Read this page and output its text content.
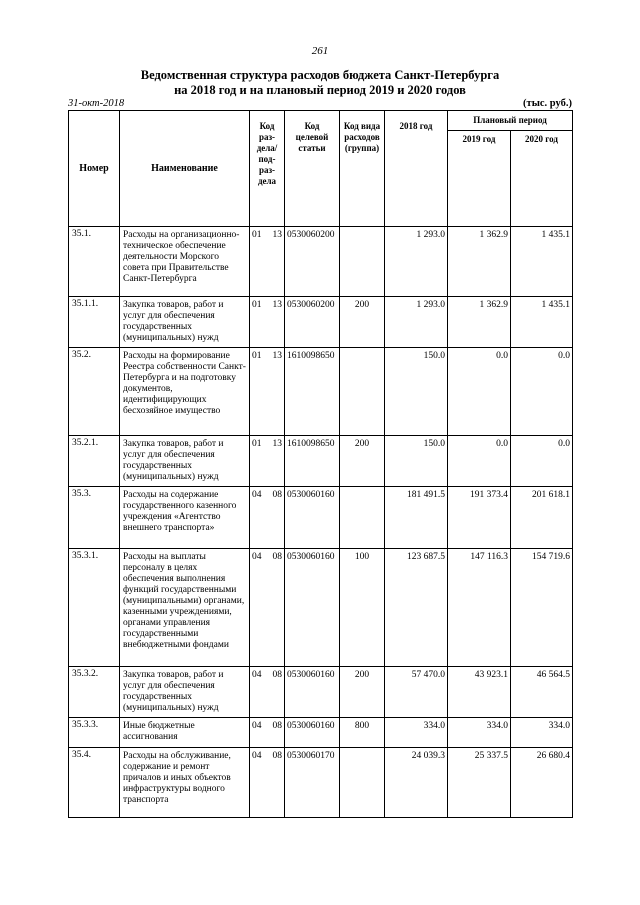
261
Ведомственная структура расходов бюджета Санкт-Петербурга
на 2018 год и на плановый период 2019 и 2020 годов
31-окт-2018	(тыс. руб.)
Номер	Наименование	Код раз-дела/ под-раз-дела	Код целевой статьи	Код вида расходов (группа)	2018 год	Плановый период	
						2019 год	2020 год
35.1.	Расходы на организационно-техническое обеспечение деятельности Морского совета при Правительстве Санкт-Петербурга	01 13	0530060200		1 293.0	1 362.9	1 435.1
35.1.1.	Закупка товаров, работ и услуг для обеспечения государственных (муниципальных) нужд	01 13	0530060200	200	1 293.0	1 362.9	1 435.1
35.2.	Расходы на формирование Реестра собственности Санкт-Петербурга и на подготовку документов, идентифицирующих бесхозяйное имущество	01 13	1610098650		150.0	0.0	0.0
35.2.1.	Закупка товаров, работ и услуг для обеспечения государственных (муниципальных) нужд	01 13	1610098650	200	150.0	0.0	0.0
35.3.	Расходы на содержание государственного казенного учреждения «Агентство внешнего транспорта»	04 08	0530060160		181 491.5	191 373.4	201 618.1
35.3.1.	Расходы на выплаты персоналу в целях обеспечения выполнения функций государственными (муниципальными) органами, казенными учреждениями, органами управления государственными внебюджетными фондами	04 08	0530060160	100	123 687.5	147 116.3	154 719.6
35.3.2.	Закупка товаров, работ и услуг для обеспечения государственных (муниципальных) нужд	04 08	0530060160	200	57 470.0	43 923.1	46 564.5
35.3.3.	Иные бюджетные ассигнования	04 08	0530060160	800	334.0	334.0	334.0
35.4.	Расходы на обслуживание, содержание и ремонт причалов и иных объектов инфраструктуры водного транспорта	04 08	0530060170		24 039.3	25 337.5	26 680.4
